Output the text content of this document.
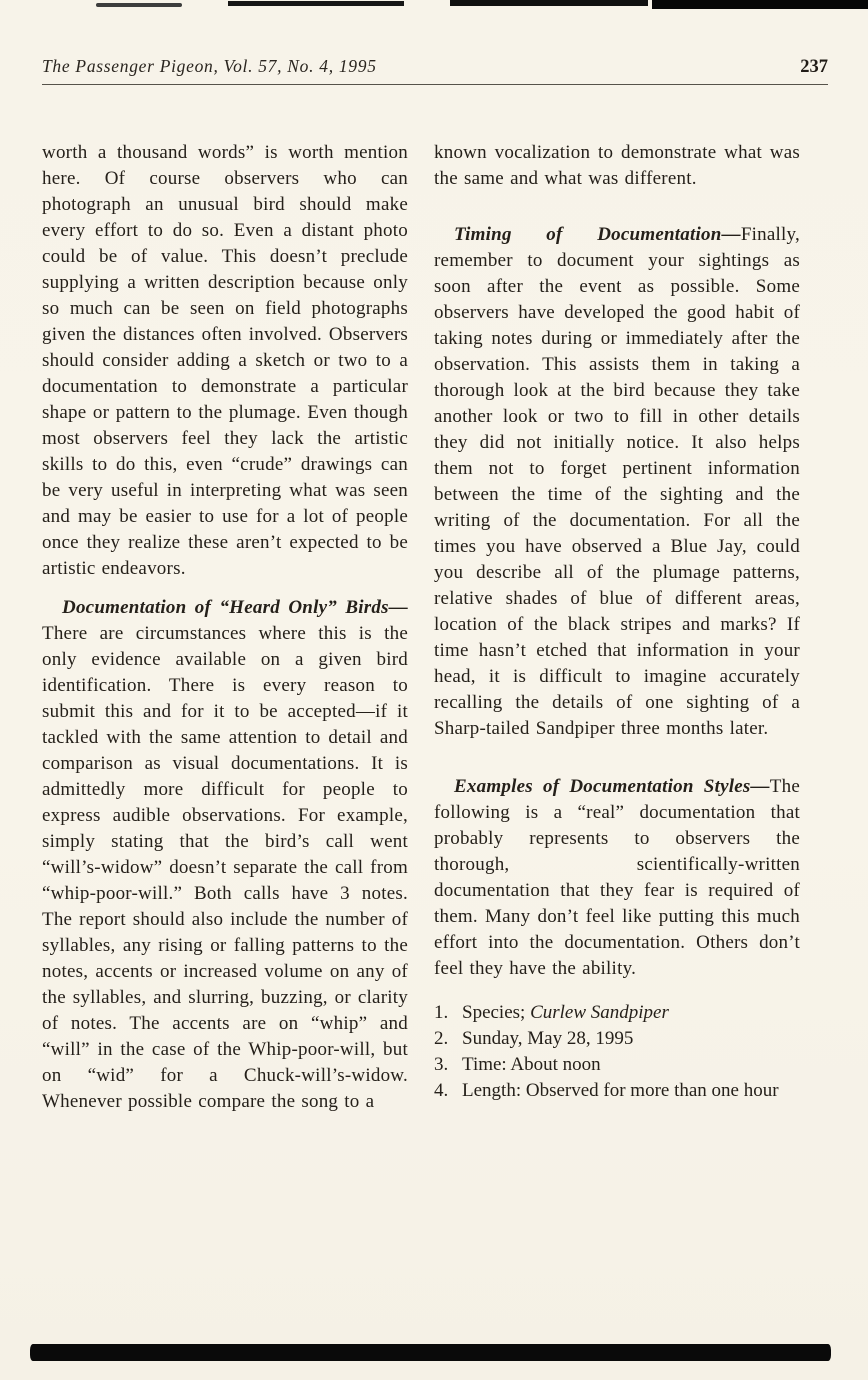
The Passenger Pigeon, Vol. 57, No. 4, 1995	237

worth a thousand words” is worth mention here. Of course observers who can photograph an unusual bird should make every effort to do so. Even a distant photo could be of value. This doesn’t preclude supplying a written description because only so much can be seen on field photographs given the distances often involved. Observers should consider adding a sketch or two to a documentation to demonstrate a particular shape or pattern to the plumage. Even though most observers feel they lack the artistic skills to do this, even “crude” drawings can be very useful in interpreting what was seen and may be easier to use for a lot of people once they realize these aren’t expected to be artistic endeavors.

Documentation of “Heard Only” Birds—There are circumstances where this is the only evidence available on a given bird identification. There is every reason to submit this and for it to be accepted—if it tackled with the same attention to detail and comparison as visual documentations. It is admittedly more difficult for people to express audible observations. For example, simply stating that the bird’s call went “will’s-widow” doesn’t separate the call from “whip-poor-will.” Both calls have 3 notes. The report should also include the number of syllables, any rising or falling patterns to the notes, accents or increased volume on any of the syllables, and slurring, buzzing, or clarity of notes. The accents are on “whip” and “will” in the case of the Whip-poor-will, but on “wid” for a Chuck-will’s-widow. Whenever possible compare the song to a

known vocalization to demonstrate what was the same and what was different.

Timing of Documentation—Finally, remember to document your sightings as soon after the event as possible. Some observers have developed the good habit of taking notes during or immediately after the observation. This assists them in taking a thorough look at the bird because they take another look or two to fill in other details they did not initially notice. It also helps them not to forget pertinent information between the time of the sighting and the writing of the documentation. For all the times you have observed a Blue Jay, could you describe all of the plumage patterns, relative shades of blue of different areas, location of the black stripes and marks? If time hasn’t etched that information in your head, it is difficult to imagine accurately recalling the details of one sighting of a Sharp-tailed Sandpiper three months later.

Examples of Documentation Styles—The following is a “real” documentation that probably represents to observers the thorough, scientifically-written documentation that they fear is required of them. Many don’t feel like putting this much effort into the documentation. Others don’t feel they have the ability.

1. Species; Curlew Sandpiper
2. Sunday, May 28, 1995
3. Time: About noon
4. Length: Observed for more than one hour
